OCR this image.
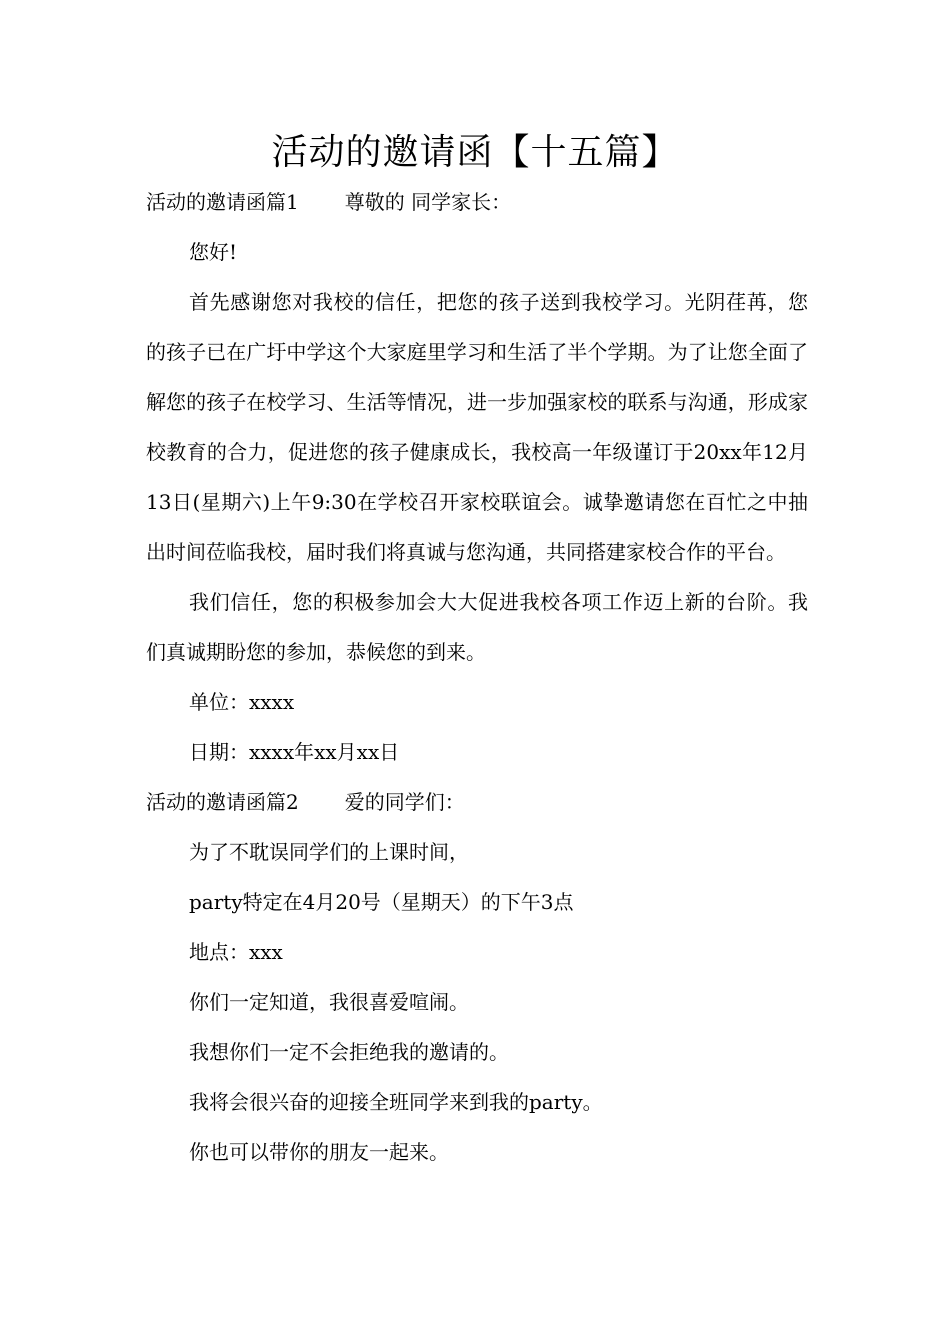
活动的邀请函【十五篇】

活动的邀请函篇1 尊敬的 同学家长：

您好!

首先感谢您对我校的信任，把您的孩子送到我校学习。光阴荏苒，您的孩子已在广圩中学这个大家庭里学习和生活了半个学期。为了让您全面了解您的孩子在校学习、生活等情况，进一步加强家校的联系与沟通，形成家校教育的合力，促进您的孩子健康成长，我校高一年级谨订于20xx年12月13日(星期六)上午9:30在学校召开家校联谊会。诚挚邀请您在百忙之中抽出时间莅临我校，届时我们将真诚与您沟通，共同搭建家校合作的平台。

我们信任，您的积极参加会大大促进我校各项工作迈上新的台阶。我们真诚期盼您的参加，恭候您的到来。

单位：xxxx

日期：xxxx年xx月xx日

活动的邀请函篇2 爱的同学们：

为了不耽误同学们的上课时间，

party特定在4月20号（星期天）的下午3点

地点：xxx

你们一定知道，我很喜爱喧闹。

我想你们一定不会拒绝我的邀请的。

我将会很兴奋的迎接全班同学来到我的party。

你也可以带你的朋友一起来。
